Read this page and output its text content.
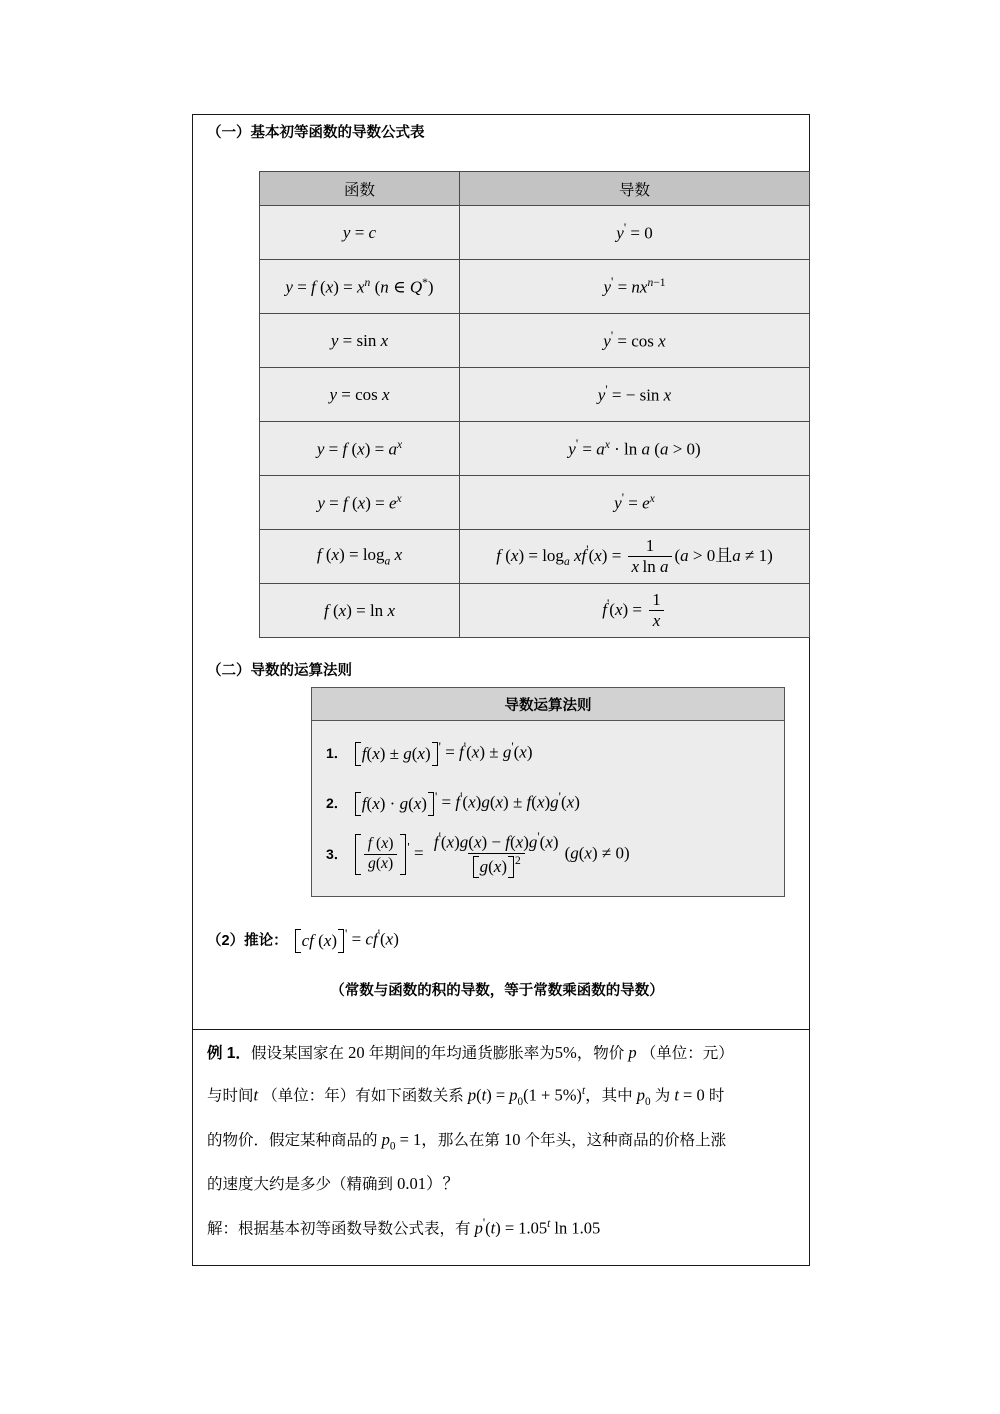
（一）基本初等函数的导数公式表
函数	导数
y = c	y' = 0
y = f $(x) = x^n$ (n ∈ Q*)	$y' = nx^{n-1}$
y = sin x	y' = cos x
y = cos x	y' = − sin x
y = f $(x) = a^x$	$y' = a^x \cdot \ln a$ (a > 0)
y = f $(x) = e^x$	$y' = e^x$
f $(x) = \log_a x$	f $(x) = \log_a xf'(x) = \frac{1}{\text{x  ln a}} (a > 0$且a ≠ 1)
f (x) = ln x	$f'(x) = \frac{1}{x}$
（二）导数的运算法则
导数运算法则
1． f(x) ± g(x) ' = f'(x) ± g'(x)
2． f(x) · g(x) ' = f'(x)g(x) ± f(x)g'(x)
3． $\frac{f (x)}{g(x)} ' = \frac{f'(x)g(x) - f(x)g'(x)}{g(x) ^2} (g(x) \ne 0)$
（2）推论： cf (x) ' = cf'(x)
（常数与函数的积的导数，等于常数乘函数的导数）
例 1．假设某国家在 20 年期间的年均通货膨胀率为5%，物价 p （单位：元）
与时间t （单位：年）有如下函数关系 $p(t) = p_0(1 + 5\%)^t$，其中 $p_0$ 为 t = 0 时
的物价．假定某种商品的 $p_0 = 1$，那么在第 10 个年头，这种商品的价格上涨
的速度大约是多少（精确到 0.01）？
解：根据基本初等函数导数公式表，有 $p'(t) = 1.05^t$ ln 1.05
